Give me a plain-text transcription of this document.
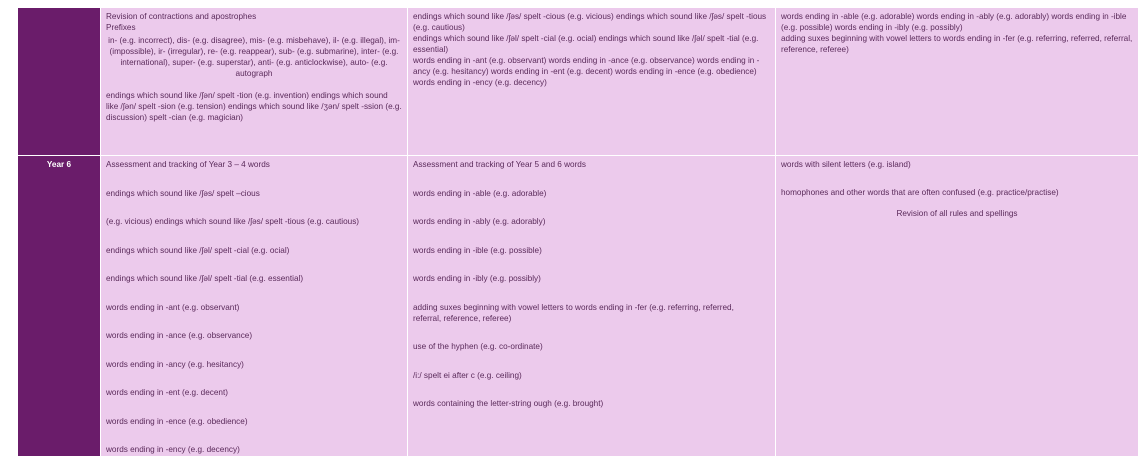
Revision of contractions and apostrophes
Prefixes
in- (e.g. incorrect), dis- (e.g. disagree), mis- (e.g. misbehave), il- (e.g. illegal), im- (impossible), ir- (irregular), re- (e.g. reappear), sub- (e.g. submarine), inter- (e.g. international), super- (e.g. superstar), anti- (e.g. anticlockwise), auto- (e.g. autograph
endings which sound like /ʃən/ spelt -tion (e.g. invention) endings which sound like /ʃən/ spelt -sion (e.g. tension) endings which sound like /ʒən/ spelt -ssion (e.g. discussion) spelt -cian (e.g. magician)
endings which sound like /ʃəs/ spelt -cious (e.g. vicious) endings which sound like /ʃəs/ spelt -tious (e.g. cautious)
endings which sound like /ʃəl/ spelt -cial (e.g. ocial) endings which sound like /ʃəl/ spelt -tial (e.g. essential)
words ending in -ant (e.g. observant) words ending in -ance (e.g. observance) words ending in -ancy (e.g. hesitancy) words ending in -ent (e.g. decent) words ending in -ence (e.g. obedience) words ending in -ency (e.g. decency)
words ending in -able (e.g. adorable) words ending in -ably (e.g. adorably) words ending in -ible (e.g. possible) words ending in -ibly (e.g. possibly)
adding suxes beginning with vowel letters to words ending in -fer (e.g. referring, referred, referral, reference, referee)
Year 6	Assessment and tracking of Year 3 – 4 words
endings which sound like /ʃəs/ spelt –cious
(e.g. vicious) endings which sound like /ʃəs/ spelt -tious (e.g. cautious)
endings which sound like /ʃəl/ spelt -cial (e.g. ocial)
endings which sound like /ʃəl/ spelt -tial (e.g. essential)
words ending in -ant (e.g. observant)
words ending in -ance (e.g. observance)
words ending in -ancy (e.g. hesitancy)
words ending in -ent (e.g. decent)
words ending in -ence (e.g. obedience)
words ending in -ency (e.g. decency)
Assessment and tracking of Year 5 and 6 words
words ending in -able (e.g. adorable)
words ending in -ably (e.g. adorably)
words ending in -ible (e.g. possible)
words ending in -ibly (e.g. possibly)
adding suxes beginning with vowel letters to words ending in -fer (e.g. referring, referred, referral, reference, referee)
use of the hyphen (e.g. co-ordinate)
/i:/ spelt ei after c (e.g. ceiling)
words containing the letter-string ough (e.g. brought)
words with silent letters (e.g. island)
homophones and other words that are often confused (e.g. practice/practise)
Revision of all rules and spellings
